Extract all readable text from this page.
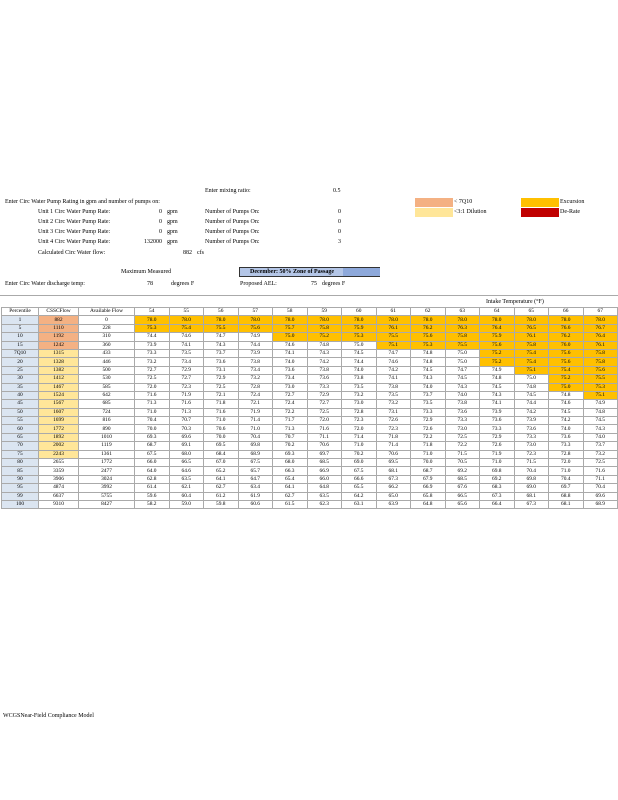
Enter mixing ratio:	0.5
Enter Circ Water Pump Rating in gpm and number of pumps on:
Unit 1 Circ Water Pump Rate:	0 gpm	Number of Pumps On:	0
Unit 2 Circ Water Pump Rate:	0 gpm	Number of Pumps On:	0
Unit 3 Circ Water Pump Rate:	0 gpm	Number of Pumps On:	0
Unit 4 Circ Water Pump Rate:	132000 gpm	Number of Pumps On:	3
Calculated Circ Water flow:	882 cfs
< 7Q10
<3:1 Dilution
Excursion
De-Rate
Maximum Measured	December: 50% Zone of Passage
Enter Circ Water discharge temp:	78	degrees F	Proposed AEL:	75 degrees F
Intake Temperature (°F)
Percentile	CSSCFlow	Available Flow	54	55	56	57	58	59	60	61	62	63	64	65	66	67
1	882	0	78.0	78.0	78.0	78.0	78.0	78.0	78.0	78.0	78.0	78.0	78.0	78.0	78.0	78.0
5	1110	228	75.3	75.4	75.5	75.6	75.7	75.8	75.9	76.1	76.2	76.3	76.4	76.5	76.6	76.7
10	1192	310	74.4	74.6	74.7	74.9	75.0	75.2	75.3	75.5	75.6	75.8	75.9	76.1	76.2	76.4
15	1242	360	73.9	74.1	74.3	74.4	74.6	74.8	75.0	75.1	75.3	75.5	75.6	75.8	76.0	76.1
7Q10	1315	433	73.3	73.5	73.7	73.9	74.1	74.3	74.5	74.7	74.8	75.0	75.2	75.4	75.6	75.8
20	1328	446	73.2	73.4	73.6	73.8	74.0	74.2	74.4	74.6	74.8	75.0	75.2	75.4	75.6	75.8
25	1382	500	72.7	72.9	73.1	73.4	73.6	73.8	74.0	74.2	74.5	74.7	74.9	75.1	75.4	75.6
30	1412	530	72.5	72.7	72.9	73.2	73.4	73.6	73.8	74.1	74.3	74.5	74.8	75.0	75.2	75.5
35	1467	585	72.0	72.3	72.5	72.8	73.0	73.3	73.5	73.8	74.0	74.3	74.5	74.8	75.0	75.3
40	1524	642	71.6	71.9	72.1	72.4	72.7	72.9	73.2	73.5	73.7	74.0	74.3	74.5	74.8	75.1
45	1567	685	71.3	71.6	71.8	72.1	72.4	72.7	73.0	73.2	73.5	73.8	74.1	74.4	74.6	74.9
50	1607	724	71.0	71.3	71.6	71.9	72.2	72.5	72.8	73.1	73.3	73.6	73.9	74.2	74.5	74.8
55	1699	816	70.4	70.7	71.0	71.4	71.7	72.0	72.3	72.6	72.9	73.3	73.6	73.9	74.2	74.5
60	1772	890	70.0	70.3	70.6	71.0	71.3	71.6	72.0	72.3	72.6	73.0	73.3	73.6	74.0	74.3
65	1892	1010	69.3	69.6	70.0	70.4	70.7	71.1	71.4	71.8	72.2	72.5	72.9	73.3	73.6	74.0
70	2002	1119	68.7	69.1	69.5	69.8	70.2	70.6	71.0	71.4	71.8	72.2	72.6	73.0	73.3	73.7
75	2243	1361	67.5	68.0	68.4	68.9	69.3	69.7	70.2	70.6	71.0	71.5	71.9	72.3	72.8	73.2
80	2655	1772	66.0	66.5	67.0	67.5	68.0	68.5	69.0	69.5	70.0	70.5	71.0	71.5	72.0	72.5
85	3359	2477	64.0	64.6	65.2	65.7	66.3	66.9	67.5	68.1	68.7	69.2	69.8	70.4	71.0	71.6
90	3906	3024	62.8	63.5	64.1	64.7	65.4	66.0	66.6	67.3	67.9	68.5	69.2	69.8	70.4	71.1
95	4874	3992	61.4	62.1	62.7	63.4	64.1	64.8	65.5	66.2	66.9	67.6	68.3	69.0	69.7	70.4
99	6637	5755	59.6	60.4	61.2	61.9	62.7	63.5	64.2	65.0	65.8	66.5	67.3	68.1	68.8	69.6
100	9310	8427	58.2	59.0	59.8	60.6	61.5	62.3	63.1	63.9	64.8	65.6	66.4	67.3	68.1	68.9
WCGSNear-Field Compliance Model
